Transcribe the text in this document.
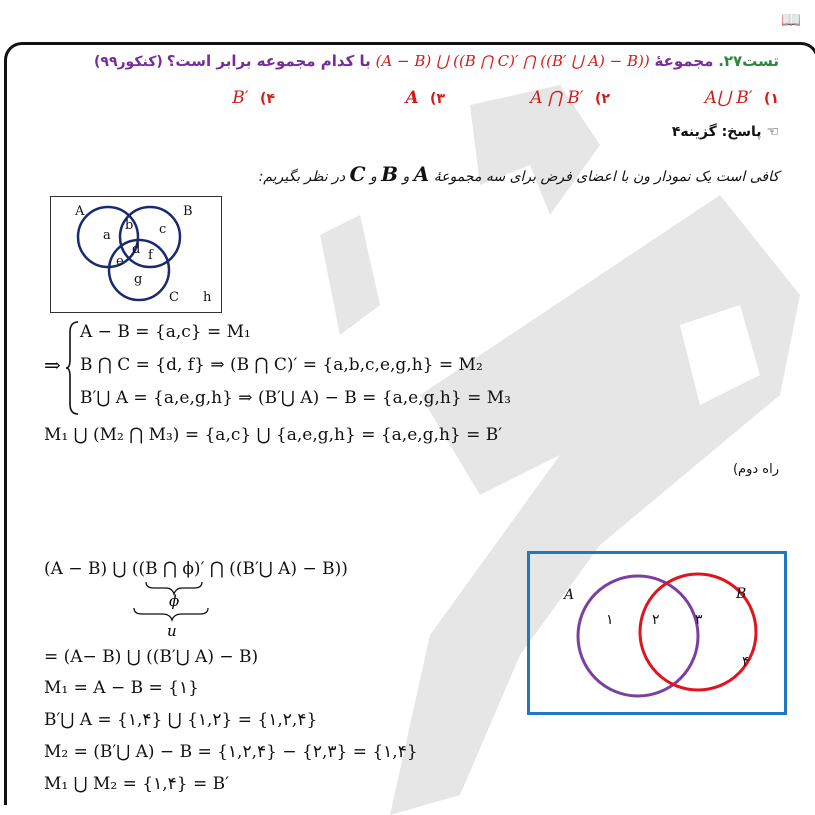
📖
تست۲۷. مجموعهٔ (A − B) ⋃ ((B ⋂ C)′ ⋂ ((B′ ⋃ A) − B)) با کدام مجموعه برابر است؟
(کنکور۹۹)
۱) A⋃ B′
۲) A ⋂ B′
۳) A
۴) B′
☜ پاسخ: گزینه۴
کافی است یک نمودار ون با اعضای فرض برای سه مجموعهٔ A و B و C در نظر بگیریم:
A	B
C
a
b c
d
e f
g
h
⇒
A − B = {a,c} = M₁
B ⋂ C = {d, f} ⇒ (B ⋂ C)′ = {a,b,c,e,g,h} = M₂
B′⋃ A = {a,e,g,h} ⇒ (B′⋃ A) − B = {a,e,g,h} = M₃
M₁ ⋃ (M₂ ⋂ M₃) = {a,c} ⋃ {a,e,g,h} = {a,e,g,h} = B′
راه دوم)
(A − B) ⋃ ((B ⋂ ϕ)′ ⋂ ((B′⋃ A) − B))
ϕ
u
= (A− B) ⋃ ((B′⋃ A) − B)
M₁ = A − B = {۱}
B′⋃ A = {۱,۴} ⋃ {۱,۲} = {۱,۲,۴}
M₂ = (B′⋃ A) − B = {۱,۲,۴} − {۲,۳} = {۱,۴}
M₁ ⋃ M₂ = {۱,۴} = B′
A	B
۱	۲	۳
۴
